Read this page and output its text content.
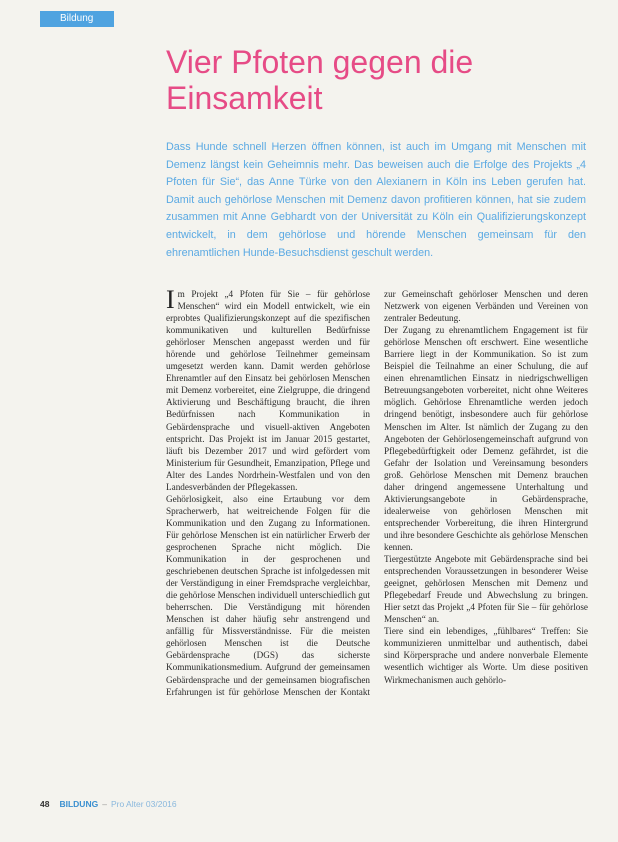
Bildung
Vier Pfoten gegen die Einsamkeit

Dass Hunde schnell Herzen öffnen können, ist auch im Umgang mit Menschen mit Demenz längst kein Geheimnis mehr. Das beweisen auch die Erfolge des Projekts „4 Pfoten für Sie“, das Anne Türke von den Alexianern in Köln ins Leben gerufen hat. Damit auch gehörlose Menschen mit Demenz davon profitieren können, hat sie zudem zusammen mit Anne Gebhardt von der Universität zu Köln ein Qualifizierungskonzept entwickelt, in dem gehörlose und hörende Menschen gemeinsam für den ehrenamtlichen Hunde-Besuchsdienst geschult werden.

Im Projekt „4 Pfoten für Sie – für gehörlose Menschen“ wird ein Modell entwickelt, wie ein erprobtes Qualifizierungskonzept auf die spezifischen kommunikativen und kulturellen Bedürfnisse gehörloser Menschen angepasst werden und für hörende und gehörlose Teilnehmer gemeinsam umgesetzt werden kann. Damit werden gehörlose Ehrenamtler auf den Einsatz bei gehörlosen Menschen mit Demenz vorbereitet, eine Zielgruppe, die dringend Aktivierung und Beschäftigung braucht, die ihren Bedürfnissen nach Kommunikation in Gebärdensprache und visuell-aktiven Angeboten entspricht. Das Projekt ist im Januar 2015 gestartet, läuft bis Dezember 2017 und wird gefördert vom Ministerium für Gesundheit, Emanzipation, Pflege und Alter des Landes Nordrhein-Westfalen und von den Landesverbänden der Pflegekassen.

Gehörlosigkeit, also eine Ertaubung vor dem Spracherwerb, hat weitreichende Folgen für die Kommunikation und den Zugang zu Informationen. Für gehörlose Menschen ist ein natürlicher Erwerb der gesprochenen Sprache nicht möglich. Die Kommunikation in der gesprochenen und geschriebenen deutschen Sprache ist infolgedessen mit der Verständigung in einer Fremdsprache vergleichbar, die gehörlose Menschen individuell unterschiedlich gut beherrschen. Die Verständigung mit hörenden Menschen ist daher häufig sehr anstrengend und anfällig für Missverständnisse. Für die meisten gehörlosen Menschen ist die Deutsche Gebärdensprache (DGS) das sicherste Kommunikationsmedium. Aufgrund der gemeinsamen Gebärdensprache und der gemeinsamen biografischen Erfahrungen ist für gehörlose Menschen der Kontakt zur Gemeinschaft gehörloser Menschen und deren Netzwerk von eigenen Verbänden und Vereinen von zentraler Bedeutung.

Der Zugang zu ehrenamtlichem Engagement ist für gehörlose Menschen oft erschwert. Eine wesentliche Barriere liegt in der Kommunikation. So ist zum Beispiel die Teilnahme an einer Schulung, die auf einen ehrenamtlichen Einsatz in niedrigschwelligen Betreuungsangeboten vorbereitet, nicht ohne Weiteres möglich. Gehörlose Ehrenamtliche werden jedoch dringend benötigt, insbesondere auch für gehörlose Menschen im Alter. Ist nämlich der Zugang zu den Angeboten der Gehörlosengemeinschaft aufgrund von Pflegebedürftigkeit oder Demenz gefährdet, ist die Gefahr der Isolation und Vereinsamung besonders groß. Gehörlose Menschen mit Demenz brauchen daher dringend angemessene Unterhaltung und Aktivierungsangebote in Gebärdensprache, idealerweise von gehörlosen Menschen mit entsprechender Vorbereitung, die ihren Hintergrund und ihre besondere Geschichte als gehörlose Menschen kennen.

Tiergestützte Angebote mit Gebärdensprache sind bei entsprechenden Voraussetzungen in besonderer Weise geeignet, gehörlosen Menschen mit Demenz und Pflegebedarf Freude und Abwechslung zu bringen. Hier setzt das Projekt „4 Pfoten für Sie – für gehörlose Menschen“ an.

Tiere sind ein lebendiges, „fühlbares“ Treffen: Sie kommunizieren unmittelbar und authentisch, dabei sind Körpersprache und andere nonverbale Elemente wesentlich wichtiger als Worte. Um diese positiven Wirkmechanismen auch gehörlo-

48 BILDUNG – Pro Alter 03/2016
